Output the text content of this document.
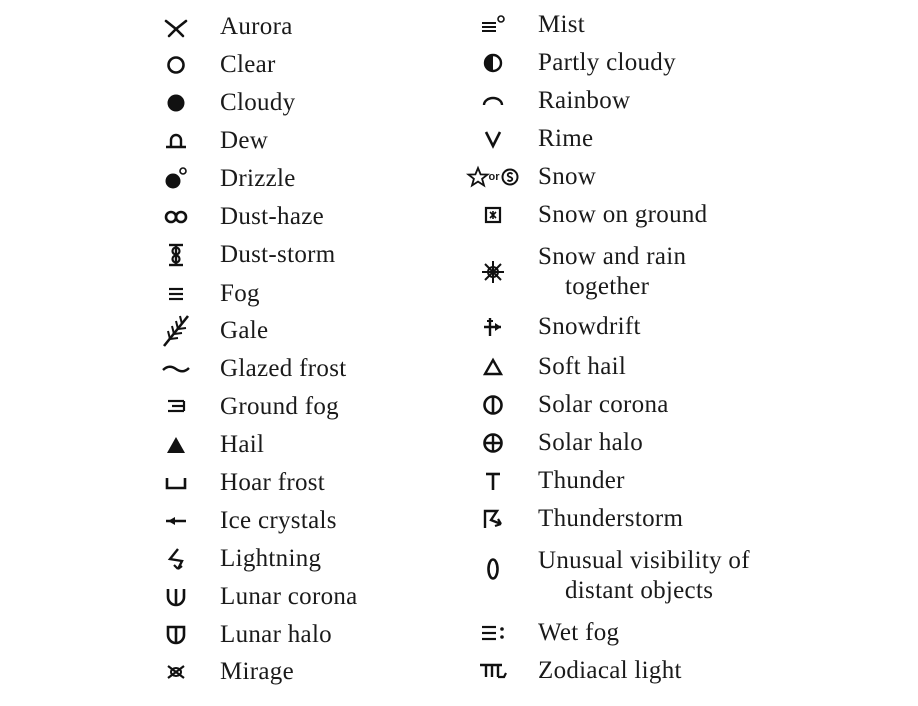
Aurora
Clear
Cloudy
Dew
Drizzle
Dust-haze
Dust-storm
Fog
Gale
Glazed frost
Ground fog
Hail
Hoar frost
Ice crystals
Lightning
Lunar corona
Lunar halo
Mirage
Mist
Partly cloudy
Rainbow
Rime
or Snow
Snow on ground
Snow and rain
together
Snowdrift
Soft hail
Solar corona
Solar halo
Thunder
Thunderstorm
Unusual visibility of
distant objects
Wet fog
Zodiacal light
